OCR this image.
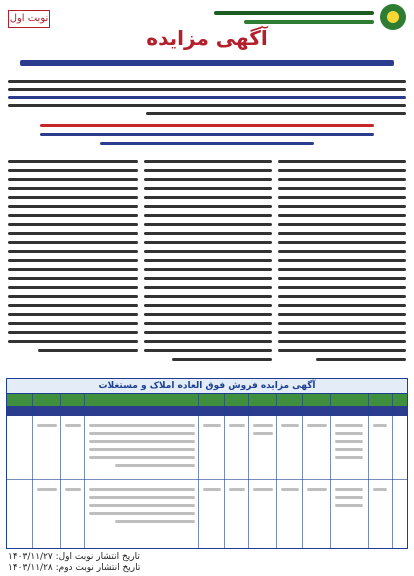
نوبت اول
آگهی مزایده
آگهی مزایده فروش فوق العاده املاک و مستغلات
تاریخ انتشار نوبت اول: ۱۴۰۳/۱۱/۲۷
تاریخ انتشار نوبت دوم: ۱۴۰۳/۱۱/۲۸
